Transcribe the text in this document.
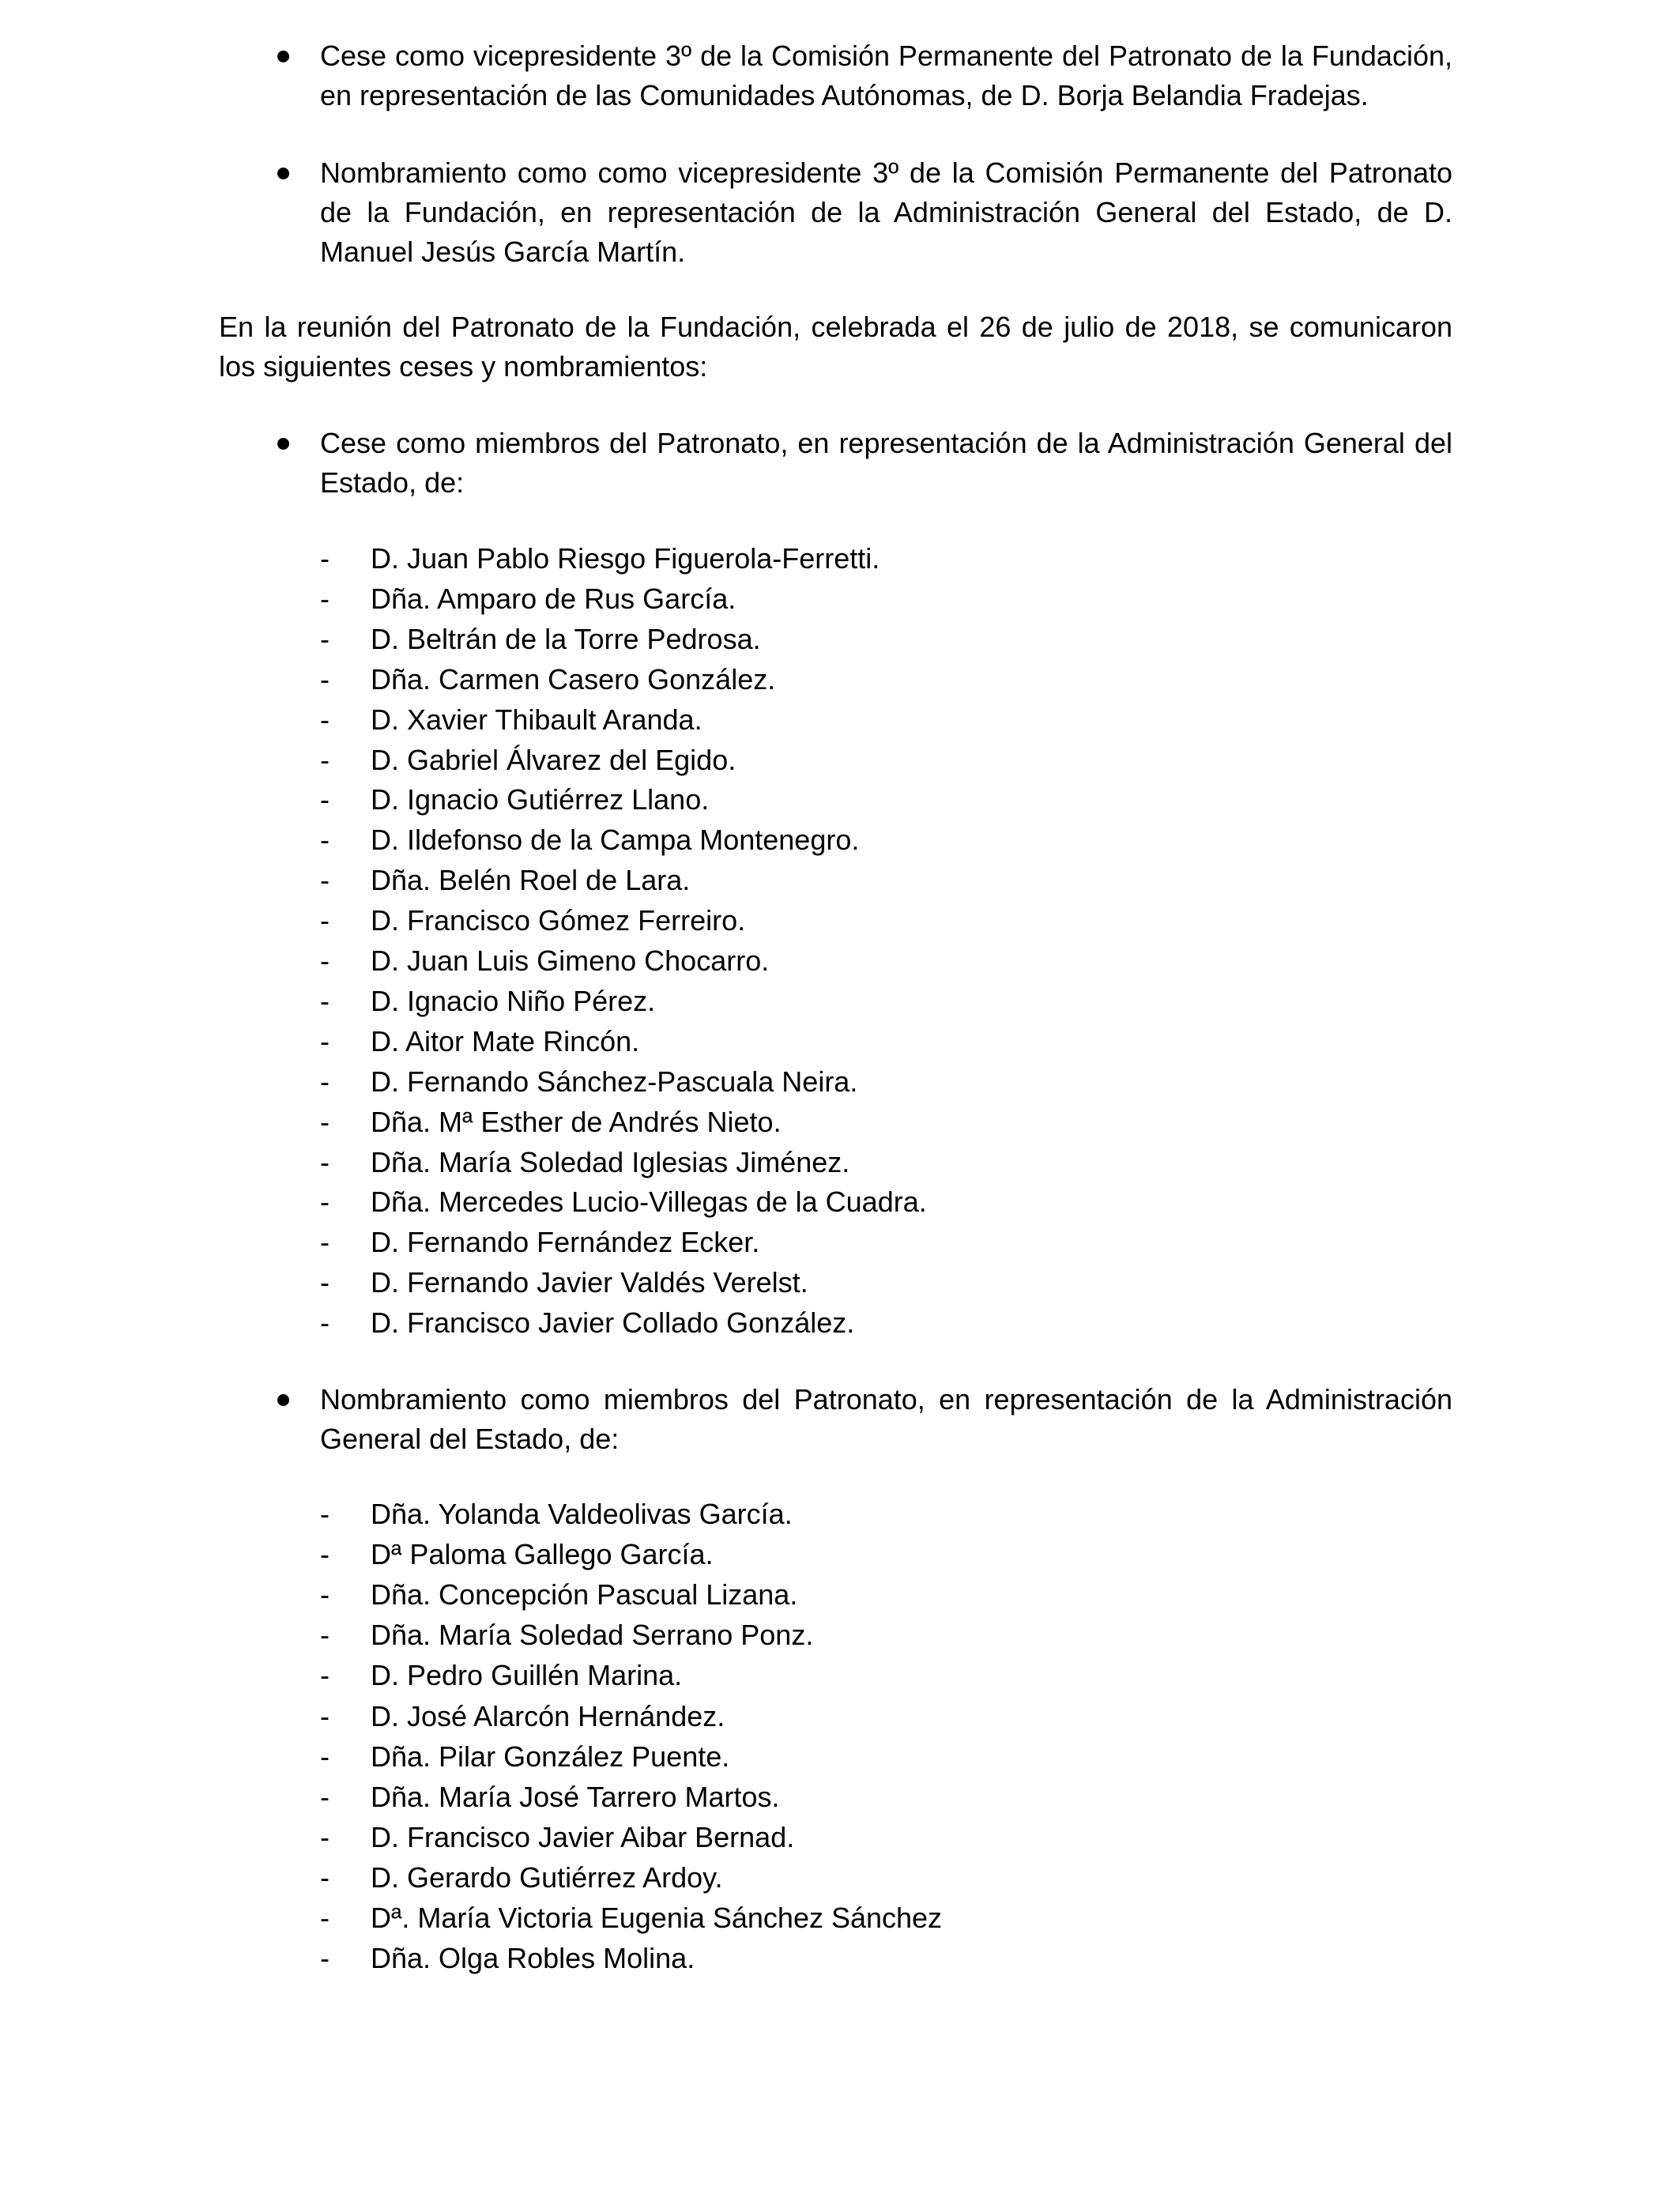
Cese como vicepresidente 3º de la Comisión Permanente del Patronato de la Fundación, en representación de las Comunidades Autónomas, de D. Borja Belandia Fradejas.

Nombramiento como como vicepresidente 3º de la Comisión Permanente del Patronato de la Fundación, en representación de la Administración General del Estado, de D. Manuel Jesús García Martín.

En la reunión del Patronato de la Fundación, celebrada el 26 de julio de 2018, se comunicaron los siguientes ceses y nombramientos:

Cese como miembros del Patronato, en representación de la Administración General del Estado, de:

- D. Juan Pablo Riesgo Figuerola-Ferretti.
- Dña. Amparo de Rus García.
- D. Beltrán de la Torre Pedrosa.
- Dña. Carmen Casero González.
- D. Xavier Thibault Aranda.
- D. Gabriel Álvarez del Egido.
- D. Ignacio Gutiérrez Llano.
- D. Ildefonso de la Campa Montenegro.
- Dña. Belén Roel de Lara.
- D. Francisco Gómez Ferreiro.
- D. Juan Luis Gimeno Chocarro.
- D. Ignacio Niño Pérez.
- D. Aitor Mate Rincón.
- D. Fernando Sánchez-Pascuala Neira.
- Dña. Mª Esther de Andrés Nieto.
- Dña. María Soledad Iglesias Jiménez.
- Dña. Mercedes Lucio-Villegas de la Cuadra.
- D. Fernando Fernández Ecker.
- D. Fernando Javier Valdés Verelst.
- D. Francisco Javier Collado González.

Nombramiento como miembros del Patronato, en representación de la Administración General del Estado, de:

- Dña. Yolanda Valdeolivas García.
- Dª Paloma Gallego García.
- Dña. Concepción Pascual Lizana.
- Dña. María Soledad Serrano Ponz.
- D. Pedro Guillén Marina.
- D. José Alarcón Hernández.
- Dña. Pilar González Puente.
- Dña. María José Tarrero Martos.
- D. Francisco Javier Aibar Bernad.
- D. Gerardo Gutiérrez Ardoy.
- Dª. María Victoria Eugenia Sánchez Sánchez
- Dña. Olga Robles Molina.
